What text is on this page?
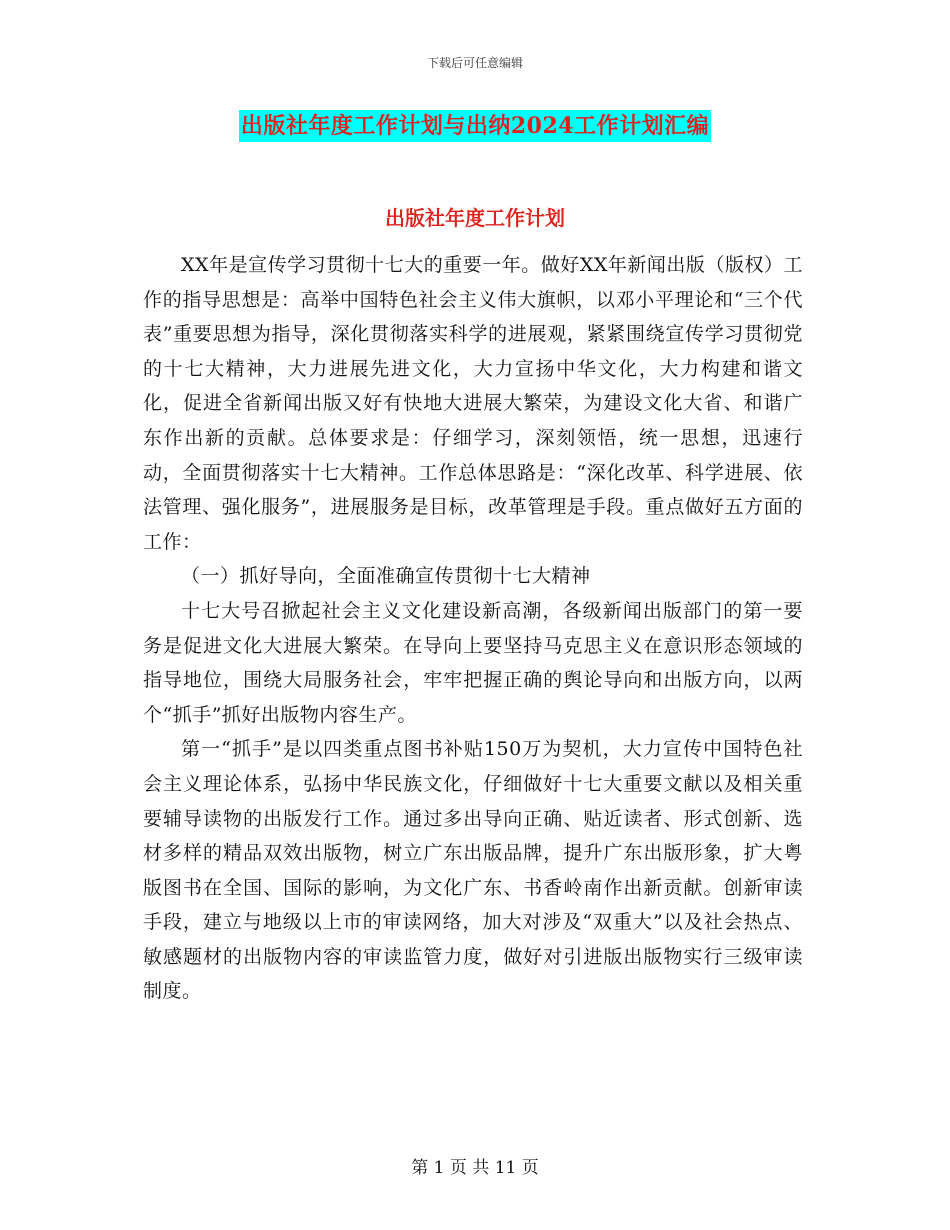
下载后可任意编辑
出版社年度工作计划与出纳2024工作计划汇编
出版社年度工作计划

XX年是宣传学习贯彻十七大的重要一年。做好XX年新闻出版（版权）工作的指导思想是：高举中国特色社会主义伟大旗帜，以邓小平理论和“三个代表”重要思想为指导，深化贯彻落实科学的进展观，紧紧围绕宣传学习贯彻党的十七大精神，大力进展先进文化，大力宣扬中华文化，大力构建和谐文化，促进全省新闻出版又好有快地大进展大繁荣，为建设文化大省、和谐广东作出新的贡献。总体要求是：仔细学习，深刻领悟，统一思想，迅速行动，全面贯彻落实十七大精神。工作总体思路是：“深化改革、科学进展、依法管理、强化服务”，进展服务是目标，改革管理是手段。重点做好五方面的工作：

（一）抓好导向，全面准确宣传贯彻十七大精神

十七大号召掀起社会主义文化建设新高潮，各级新闻出版部门的第一要务是促进文化大进展大繁荣。在导向上要坚持马克思主义在意识形态领域的指导地位，围绕大局服务社会，牢牢把握正确的舆论导向和出版方向，以两个“抓手”抓好出版物内容生产。

第一“抓手”是以四类重点图书补贴150万为契机，大力宣传中国特色社会主义理论体系，弘扬中华民族文化，仔细做好十七大重要文献以及相关重要辅导读物的出版发行工作。通过多出导向正确、贴近读者、形式创新、选材多样的精品双效出版物，树立广东出版品牌，提升广东出版形象，扩大粤版图书在全国、国际的影响，为文化广东、书香岭南作出新贡献。创新审读手段，建立与地级以上市的审读网络，加大对涉及“双重大”以及社会热点、敏感题材的出版物内容的审读监管力度，做好对引进版出版物实行三级审读制度。

第 1 页 共 11 页
